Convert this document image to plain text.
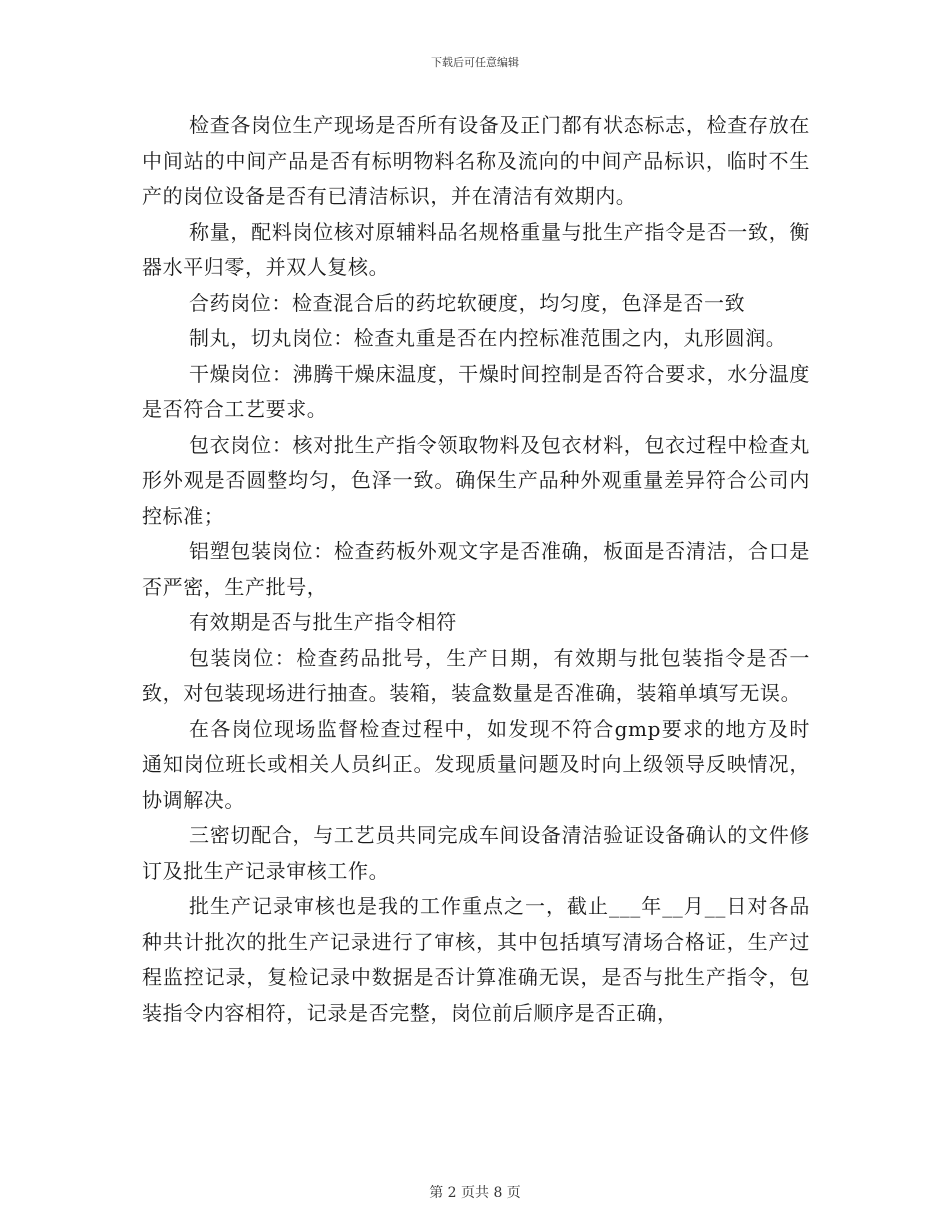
下载后可任意编辑

检查各岗位生产现场是否所有设备及正门都有状态标志，检查存放在中间站的中间产品是否有标明物料名称及流向的中间产品标识，临时不生产的岗位设备是否有已清洁标识，并在清洁有效期内。

称量，配料岗位核对原辅料品名规格重量与批生产指令是否一致，衡器水平归零，并双人复核。

合药岗位：检查混合后的药坨软硬度，均匀度，色泽是否一致

制丸，切丸岗位：检查丸重是否在内控标准范围之内，丸形圆润。

干燥岗位：沸腾干燥床温度，干燥时间控制是否符合要求，水分温度是否符合工艺要求。

包衣岗位：核对批生产指令领取物料及包衣材料，包衣过程中检查丸形外观是否圆整均匀，色泽一致。确保生产品种外观重量差异符合公司内控标准；

铝塑包装岗位：检查药板外观文字是否准确，板面是否清洁，合口是否严密，生产批号，

有效期是否与批生产指令相符

包装岗位：检查药品批号，生产日期，有效期与批包装指令是否一致，对包装现场进行抽查。装箱，装盒数量是否准确，装箱单填写无误。

在各岗位现场监督检查过程中，如发现不符合gmp要求的地方及时通知岗位班长或相关人员纠正。发现质量问题及时向上级领导反映情况，协调解决。

三密切配合，与工艺员共同完成车间设备清洁验证设备确认的文件修订及批生产记录审核工作。

批生产记录审核也是我的工作重点之一，截止___年__月__日对各品种共计批次的批生产记录进行了审核，其中包括填写清场合格证，生产过程监控记录，复检记录中数据是否计算准确无误，是否与批生产指令，包装指令内容相符，记录是否完整，岗位前后顺序是否正确，

第 2 页共 8 页
